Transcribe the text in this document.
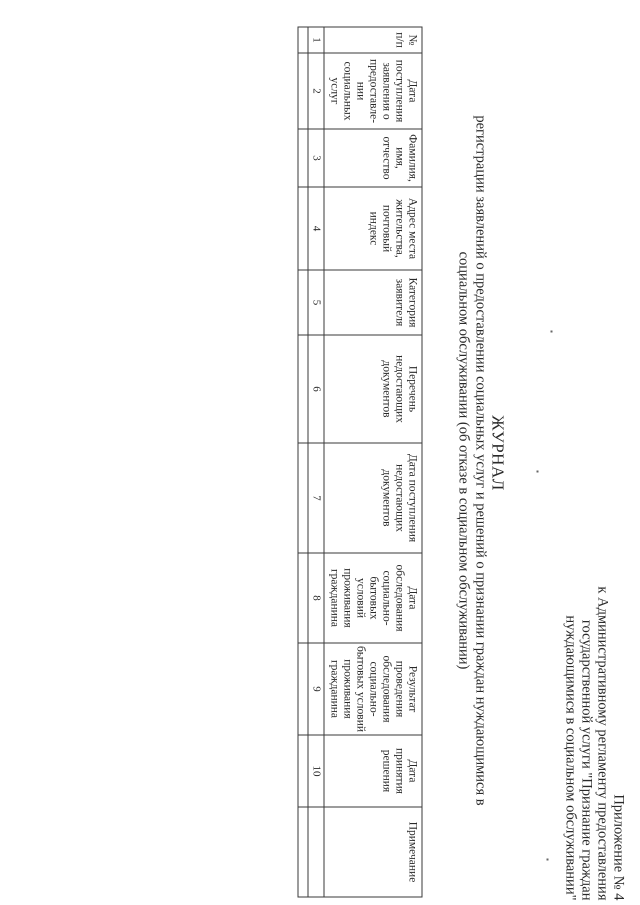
Приложение № 4
к Административному регламенту предоставления
государственной услуги "Признание граждан
нуждающимися в социальном обслуживании"
ЖУРНАЛ
регистрации заявлений о предоставлении социальных услуг и решений о признании граждан нуждающимися в
социальном обслуживании (об отказе в социальном обслуживании)
№ п/п	Дата поступления заявления о предоставле-нии социальных услуг	Фамилия, имя, отчество	Адрес места жительства, почтовый индекс	Категория заявителя	Перечень недостающих документов	Дата поступления недостающих документов	Дата обследования социально-бытовых условий проживания гражданина	Результат проведения обследования социально-бытовых условий проживания гражданина	Дата принятия решения	Примечание
1	2	3	4	5	6	7	8	9	10	
